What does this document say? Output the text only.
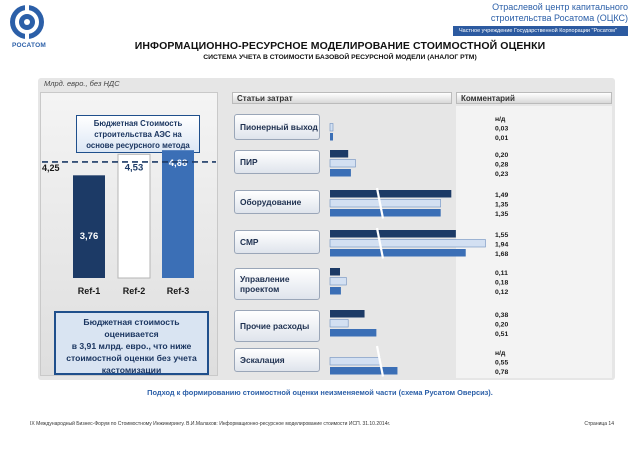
РОСАТОМ
Отраслевой центр капитального
строительства Росатома (ОЦКС)
Частное учреждение Государственной Корпорации "Росатом"
ИНФОРМАЦИОННО-РЕСУРСНОЕ МОДЕЛИРОВАНИЕ СТОИМОСТНОЙ ОЦЕНКИ
СИСТЕМА УЧЕТА В СТОИМОСТИ БАЗОВОЙ РЕСУРСНОЙ МОДЕЛИ (АНАЛОГ PTM)
Млрд. евро., без НДС
Бюджетная Стоимость
строительства АЭС на
основе ресурсного метода
3,76
Ref-1
4,53
Ref-2
4,68
Ref-3
4,25
Бюджетная стоимость
оценивается
в 3,91 млрд. евро., что ниже
стоимостной оценки без учета
кастомизации
Статьи затрат	Комментарий
Пионерный выход
ПИР
Оборудование
СМР
Управление проектом
Прочие расходы
Эскалация
н/д
0,03
0,01
0,20
0,28
0,23
1,49
1,35
1,35
1,55
1,94
1,68
0,11
0,18
0,12
0,38
0,20
0,51
н/д
0,55
0,78
Подход к формированию стоимостной оценки неизменяемой части (схема Русатом Оверсиз).
IX Международный Бизнес-Форум по Стоимостному Инжинирингу. В.И.Малахов: Информационно-ресурсное моделирование стоимости ИСП. 31.10.2014г.	Страница 14
